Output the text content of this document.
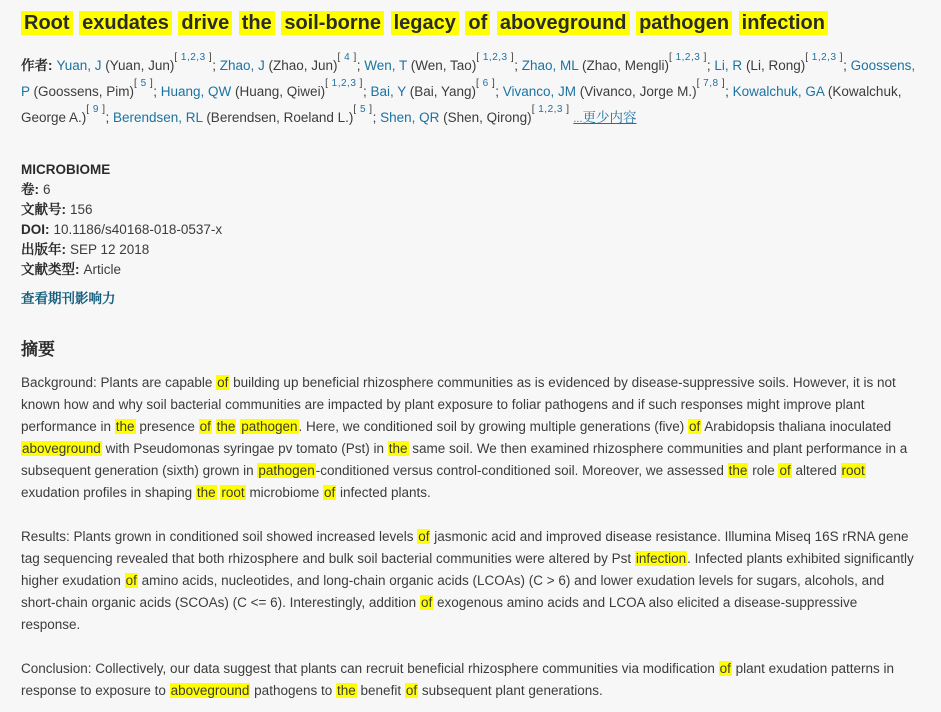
Root exudates drive the soil-borne legacy of aboveground pathogen infection

作者: Yuan, J (Yuan, Jun)[ 1,2,3 ]; Zhao, J (Zhao, Jun)[ 4 ]; Wen, T (Wen, Tao)[ 1,2,3 ]; Zhao, ML (Zhao, Mengli)[ 1,2,3 ]; Li, R (Li, Rong)[ 1,2,3 ]; Goossens, P (Goossens, Pim)[ 5 ]; Huang, QW (Huang, Qiwei)[ 1,2,3 ]; Bai, Y (Bai, Yang)[ 6 ]; Vivanco, JM (Vivanco, Jorge M.)[ 7,8 ]; Kowalchuk, GA (Kowalchuk, George A.)[ 9 ]; Berendsen, RL (Berendsen, Roeland L.)[ 5 ]; Shen, QR (Shen, Qirong)[ 1,2,3 ] ...更少内容

MICROBIOME
卷: 6
文献号: 156
DOI: 10.1186/s40168-018-0537-x
出版年: SEP 12 2018
文献类型: Article
查看期刊影响力
摘要

Background: Plants are capable of building up beneficial rhizosphere communities as is evidenced by disease-suppressive soils. However, it is not known how and why soil bacterial communities are impacted by plant exposure to foliar pathogens and if such responses might improve plant performance in the presence of the pathogen. Here, we conditioned soil by growing multiple generations (five) of Arabidopsis thaliana inoculated aboveground with Pseudomonas syringae pv tomato (Pst) in the same soil. We then examined rhizosphere communities and plant performance in a subsequent generation (sixth) grown in pathogen-conditioned versus control-conditioned soil. Moreover, we assessed the role of altered root exudation profiles in shaping the root microbiome of infected plants.

Results: Plants grown in conditioned soil showed increased levels of jasmonic acid and improved disease resistance. Illumina Miseq 16S rRNA gene tag sequencing revealed that both rhizosphere and bulk soil bacterial communities were altered by Pst infection. Infected plants exhibited significantly higher exudation of amino acids, nucleotides, and long-chain organic acids (LCOAs) (C > 6) and lower exudation levels for sugars, alcohols, and short-chain organic acids (SCOAs) (C <= 6). Interestingly, addition of exogenous amino acids and LCOA also elicited a disease-suppressive response.

Conclusion: Collectively, our data suggest that plants can recruit beneficial rhizosphere communities via modification of plant exudation patterns in response to exposure to aboveground pathogens to the benefit of subsequent plant generations.
